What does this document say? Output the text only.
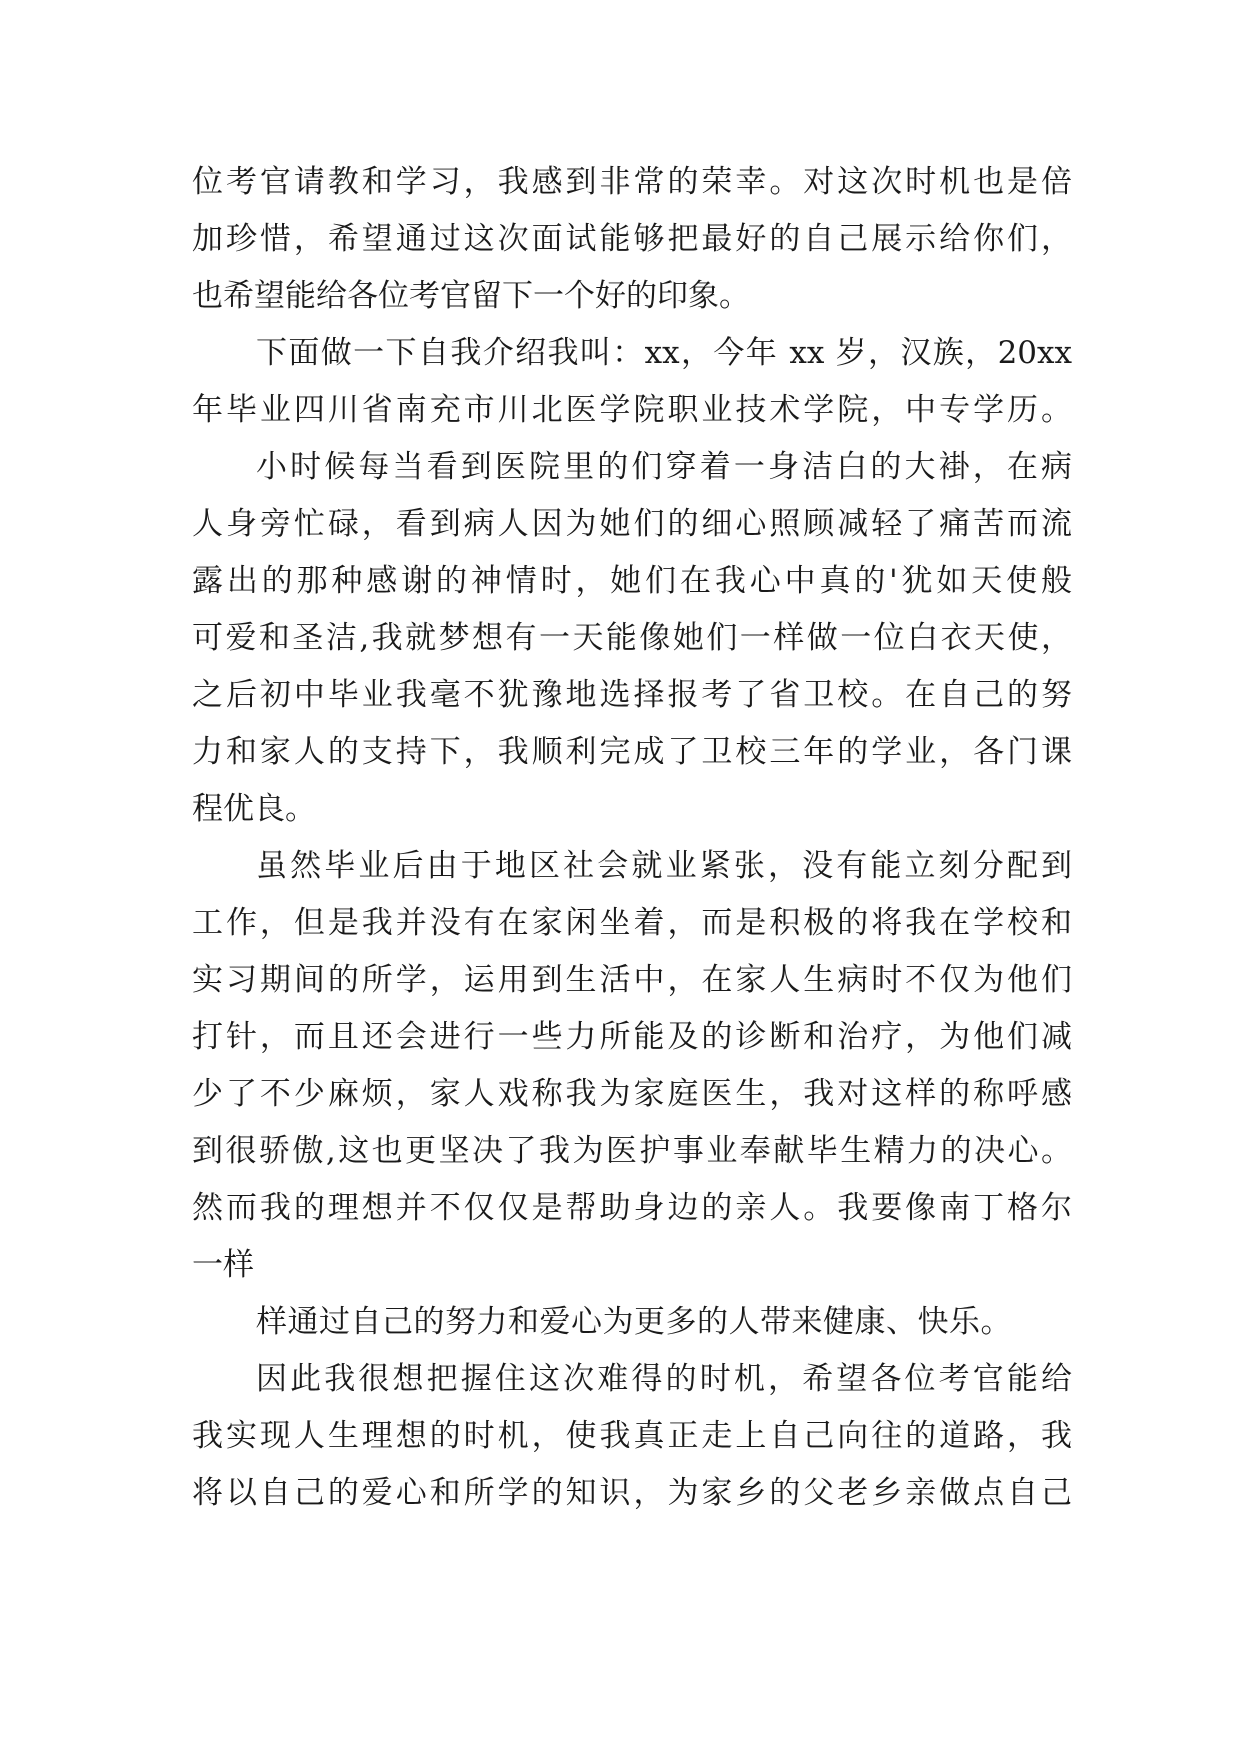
位考官请教和学习，我感到非常的荣幸。对这次时机也是倍
加珍惜，希望通过这次面试能够把最好的自己展示给你们，
也希望能给各位考官留下一个好的印象。
下面做一下自我介绍我叫：xx，今年 xx 岁，汉族，20xx
年毕业四川省南充市川北医学院职业技术学院，中专学历。
小时候每当看到医院里的们穿着一身洁白的大褂，在病
人身旁忙碌，看到病人因为她们的细心照顾减轻了痛苦而流
露出的那种感谢的神情时，她们在我心中真的'犹如天使般
可爱和圣洁,我就梦想有一天能像她们一样做一位白衣天使，
之后初中毕业我毫不犹豫地选择报考了省卫校。在自己的努
力和家人的支持下，我顺利完成了卫校三年的学业，各门课
程优良。
虽然毕业后由于地区社会就业紧张，没有能立刻分配到
工作，但是我并没有在家闲坐着，而是积极的将我在学校和
实习期间的所学，运用到生活中，在家人生病时不仅为他们
打针，而且还会进行一些力所能及的诊断和治疗，为他们减
少了不少麻烦，家人戏称我为家庭医生，我对这样的称呼感
到很骄傲,这也更坚决了我为医护事业奉献毕生精力的决心。
然而我的理想并不仅仅是帮助身边的亲人。我要像南丁格尔
一样
样通过自己的努力和爱心为更多的人带来健康、快乐。
因此我很想把握住这次难得的时机，希望各位考官能给
我实现人生理想的时机，使我真正走上自己向往的道路，我
将以自己的爱心和所学的知识，为家乡的父老乡亲做点自己
